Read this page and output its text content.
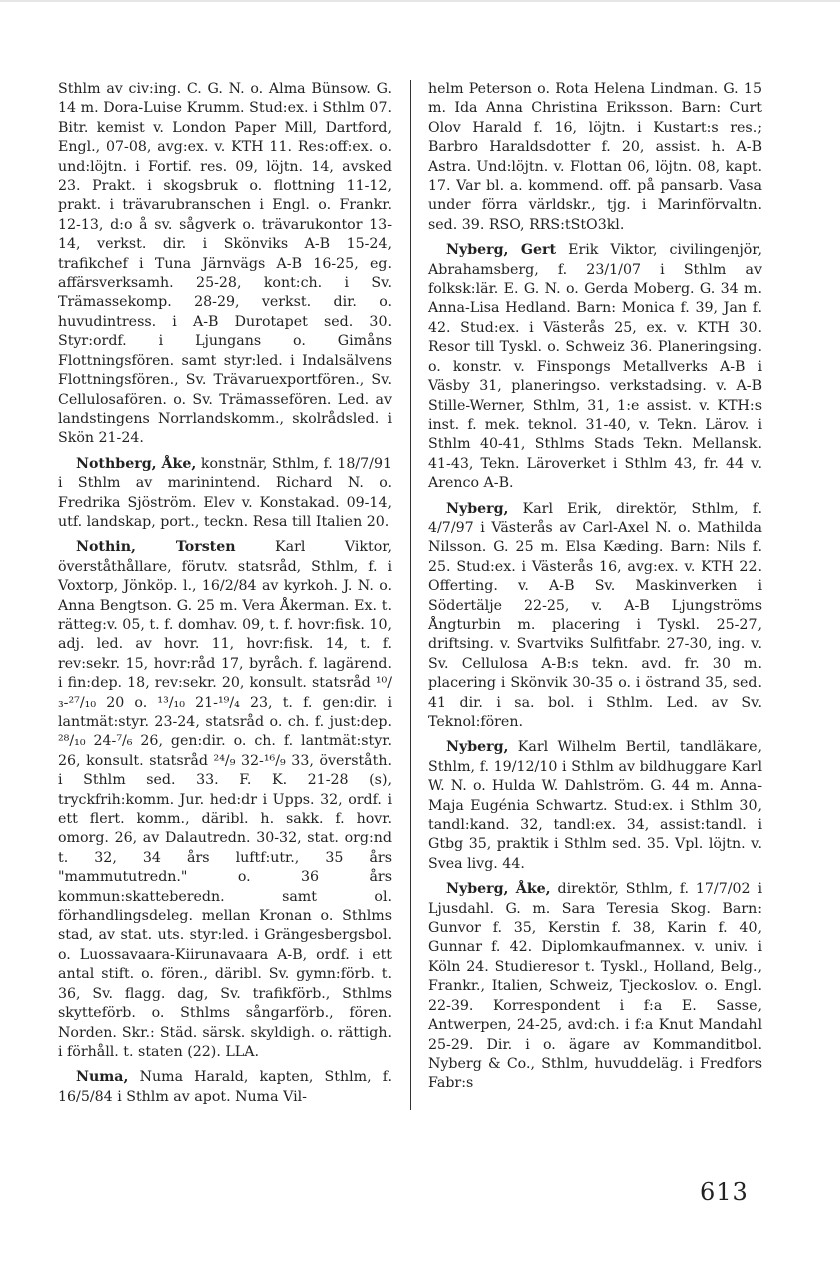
Sthlm av civ:ing. C. G. N. o. Alma Bünsow. G. 14 m. Dora-Luise Krumm. Stud:ex. i Sthlm 07. Bitr. kemist v. London Paper Mill, Dartford, Engl., 07-08, avg:ex. v. KTH 11. Res:off:ex. o. und:löjtn. i Fortif. res. 09, löjtn. 14, avsked 23. Prakt. i skogsbruk o. flottning 11-12, prakt. i trävarubranschen i Engl. o. Frankr. 12-13, d:o å sv. sågverk o. trävarukontor 13-14, verkst. dir. i Skönviks A-B 15-24, trafikchef i Tuna Järnvägs A-B 16-25, eg. affärsverksamh. 25-28, kont:ch. i Sv. Trämassekomp. 28-29, verkst. dir. o. huvudintress. i A-B Durotapet sed. 30. Styr:ordf. i Ljungans o. Gimåns Flottningsfören. samt styr:led. i Indalsälvens Flottningsfören., Sv. Trävaruexportfören., Sv. Cellulosafören. o. Sv. Trämassefören. Led. av landstingens Norrlandskomm., skolrådsled. i Skön 21-24.

Nothberg, Åke, konstnär, Sthlm, f. 18/7/91 i Sthlm av marinintend. Richard N. o. Fredrika Sjöström. Elev v. Konstakad. 09-14, utf. landskap, port., teckn. Resa till Italien 20.

Nothin, Torsten Karl Viktor, överståthållare, förutv. statsråd, Sthlm, f. i Voxtorp, Jönköp. l., 16/2/84 av kyrkoh. J. N. o. Anna Bengtson. G. 25 m. Vera Åkerman. Ex. t. rätteg:v. 05, t. f. domhav. 09, t. f. hovr:fisk. 10, adj. led. av hovr. 11, hovr:fisk. 14, t. f. rev:sekr. 15, hovr:råd 17, byråch. f. lagärend. i fin:dep. 18, rev:sekr. 20, konsult. statsråd ¹⁰/₃-²⁷/₁₀ 20 o. ¹³/₁₀ 21-¹⁹/₄ 23, t. f. gen:dir. i lantmät:styr. 23-24, statsråd o. ch. f. just:dep. ²⁸/₁₀ 24-⁷/₆ 26, gen:dir. o. ch. f. lantmät:styr. 26, konsult. statsråd ²⁴/₉ 32-¹⁶/₉ 33, överståth. i Sthlm sed. 33. F. K. 21-28 (s), tryckfrih:komm. Jur. hed:dr i Upps. 32, ordf. i ett flert. komm., däribl. h. sakk. f. hovr. omorg. 26, av Dalautredn. 30-32, stat. org:nd t. 32, 34 års luftf:utr., 35 års "mammututredn." o. 36 års kommun:skatteberedn. samt ol. förhandlingsdeleg. mellan Kronan o. Sthlms stad, av stat. uts. styr:led. i Grängesbergsbol. o. Luossavaara-Kiirunavaara A-B, ordf. i ett antal stift. o. fören., däribl. Sv. gymn:förb. t. 36, Sv. flagg. dag, Sv. trafikförb., Sthlms skytteförb. o. Sthlms sångarförb., fören. Norden. Skr.: Städ. särsk. skyldigh. o. rättigh. i förhåll. t. staten (22). LLA.

Numa, Numa Harald, kapten, Sthlm, f. 16/5/84 i Sthlm av apot. Numa Vil-

helm Peterson o. Rota Helena Lindman. G. 15 m. Ida Anna Christina Eriksson. Barn: Curt Olov Harald f. 16, löjtn. i Kustart:s res.; Barbro Haraldsdotter f. 20, assist. h. A-B Astra. Und:löjtn. v. Flottan 06, löjtn. 08, kapt. 17. Var bl. a. kommend. off. på pansarb. Vasa under förra världskr., tjg. i Marinförvaltn. sed. 39. RSO, RRS:tStO3kl.

Nyberg, Gert Erik Viktor, civilingenjör, Abrahamsberg, f. 23/1/07 i Sthlm av folksk:lär. E. G. N. o. Gerda Moberg. G. 34 m. Anna-Lisa Hedland. Barn: Monica f. 39, Jan f. 42. Stud:ex. i Västerås 25, ex. v. KTH 30. Resor till Tyskl. o. Schweiz 36. Planeringsing. o. konstr. v. Finspongs Metallverks A-B i Väsby 31, planeringso. verkstadsing. v. A-B Stille-Werner, Sthlm, 31, 1:e assist. v. KTH:s inst. f. mek. teknol. 31-40, v. Tekn. Lärov. i Sthlm 40-41, Sthlms Stads Tekn. Mellansk. 41-43, Tekn. Läroverket i Sthlm 43, fr. 44 v. Arenco A-B.

Nyberg, Karl Erik, direktör, Sthlm, f. 4/7/97 i Västerås av Carl-Axel N. o. Mathilda Nilsson. G. 25 m. Elsa Kæding. Barn: Nils f. 25. Stud:ex. i Västerås 16, avg:ex. v. KTH 22. Offerting. v. A-B Sv. Maskinverken i Södertälje 22-25, v. A-B Ljungströms Ångturbin m. placering i Tyskl. 25-27, driftsing. v. Svartviks Sulfitfabr. 27-30, ing. v. Sv. Cellulosa A-B:s tekn. avd. fr. 30 m. placering i Skönvik 30-35 o. i östrand 35, sed. 41 dir. i sa. bol. i Sthlm. Led. av Sv. Teknol:fören.

Nyberg, Karl Wilhelm Bertil, tandläkare, Sthlm, f. 19/12/10 i Sthlm av bildhuggare Karl W. N. o. Hulda W. Dahlström. G. 44 m. Anna-Maja Eugénia Schwartz. Stud:ex. i Sthlm 30, tandl:kand. 32, tandl:ex. 34, assist:tandl. i Gtbg 35, praktik i Sthlm sed. 35. Vpl. löjtn. v. Svea livg. 44.

Nyberg, Åke, direktör, Sthlm, f. 17/7/02 i Ljusdahl. G. m. Sara Teresia Skog. Barn: Gunvor f. 35, Kerstin f. 38, Karin f. 40, Gunnar f. 42. Diplomkaufmannex. v. univ. i Köln 24. Studieresor t. Tyskl., Holland, Belg., Frankr., Italien, Schweiz, Tjeckoslov. o. Engl. 22-39. Korrespondent i f:a E. Sasse, Antwerpen, 24-25, avd:ch. i f:a Knut Mandahl 25-29. Dir. i o. ägare av Kommanditbol. Nyberg & Co., Sthlm, huvuddeläg. i Fredfors Fabr:s

613
